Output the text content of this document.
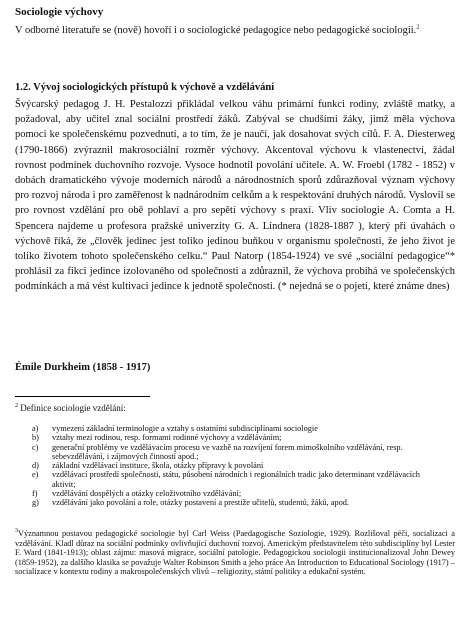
Sociologie výchovy
V odborné literatuře se (nově) hovoří i o sociologické pedagogice nebo pedagogické sociologii.$^2$
1.2. Vývoj sociologických přístupů k výchově a vzdělávání
Švýcarský pedagog J. H. Pestalozzi přikládal velkou váhu primární funkci rodiny, zvláště matky, a požadoval, aby učitel znal sociální prostředí žáků. Zabýval se chudšími žáky, jimž měla výchova pomoci ke společenskému pozvednutí, a to tím, že je naučí, jak dosahovat svých cílů. F. A. Diesterweg (1790-1866) zvýraznil makrosociální rozměr výchovy. Akcentoval výchovu k vlastenectví, žádal rovnost podmínek duchovního rozvoje. Vysoce hodnotil povolání učitele. A. W. Froebl (1782 - 1852) v dobách dramatického vývoje moderních národů a národnostních sporů zdůrazňoval význam výchovy pro rozvoj národa i pro zaměřenost k nadnárodním celkům a k respektování druhých národů. Vyslovil se pro rovnost vzdělání pro obě pohlaví a pro sepětí výchovy s praxí. Vliv sociologie A. Comta a H. Spencera najdeme u profesora pražské univerzity G. A. Lindnera (1828-1887 ), který při úvahách o výchově říká, že „člověk jedinec jest toliko jedinou buňkou v organismu společnosti, že jeho život je toliko životem tohoto společenského celku.“ Paul Natorp (1854-1924) ve své „sociální pedagogice“* prohlásil za fikci jedince izolovaného od společnosti a zdůraznil, že výchova probíhá ve společenských podmínkách a má vést kultivaci jedince k jednotě společnosti. (* nejedná se o pojetí, které známe dnes)
Émile Durkheim (1858 - 1917)
$^2$ Definice sociologie vzdělání:
a)	vymezení základní terminologie a vztahy s ostatními subdisciplínami sociologie
b)	vztahy mezi rodinou, resp. formami rodinné výchovy a vzděláváním;
c)	generační problémy ve vzdělávacím procesu ve vazbě na rozvíjení forem mimoškolního vzdělávání, resp. sebevzdělávání, i zájmových činností apod.;
d)	základní vzdělávací instituce, škola, otázky přípravy k povolání
e)	vzdělávací prostředí společnosti, státu, působení národních i regionálních tradic jako determinant vzdělávacích aktivit;
f)	vzdělávání dospělých a otázky celoživotního vzdělávání;
g)	vzdělávání jako povolání a role, otázky postavení a prestiže učitelů, studentů, žáků, apod.
$^3$Významnou postavou pedagogické sociologie byl Carl Weiss (Paedagogische Soziologie, 1929). Rozlišoval péči, socializaci a vzdělávání. Kladl důraz na sociální podmínky ovlivňující duchovní rozvoj. Americkým představitelem této subdisciplíny byl Lester F. Ward (1841-1913); oblast zájmu: masová migrace, sociální patologie. Pedagogickou sociologii institucionalizoval John Dewey (1859-1952), za dalšího klasika se považuje Walter Robinson Smith a jeho práce An Introduction to Educational Sociology (1917) – socializace v kontextu rodiny a makrospolečenských vlivů – religiozity, státní politiky a edukační systém.
